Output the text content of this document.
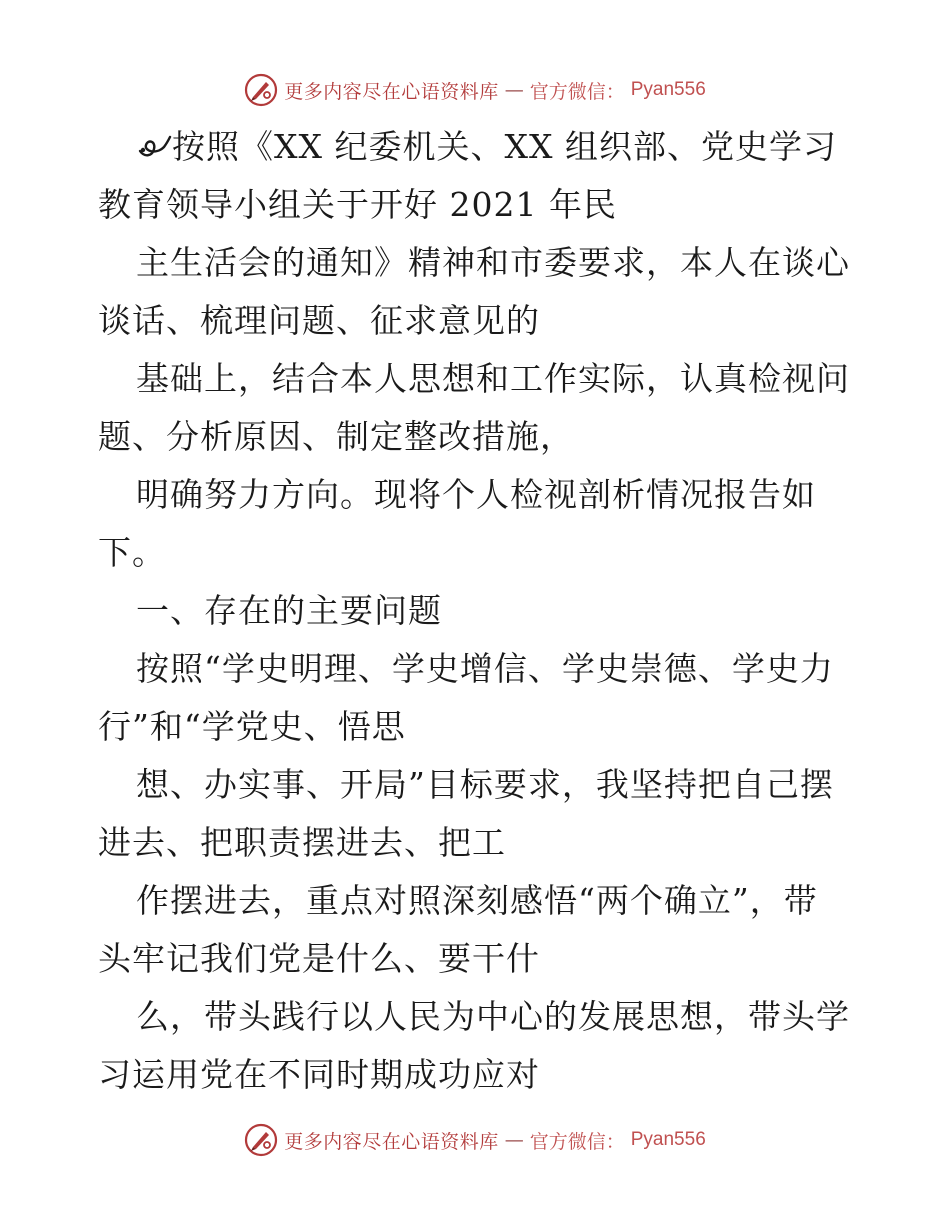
更多内容尽在心语资料库 — 官方微信： Pyan556
按照《XX 纪委机关、XX 组织部、党史学习
教育领导小组关于开好 2021 年民
主生活会的通知》精神和市委要求，本人在谈心
谈话、梳理问题、征求意见的
基础上，结合本人思想和工作实际，认真检视问
题、分析原因、制定整改措施，
明确努力方向。现将个人检视剖析情况报告如
下。
一、存在的主要问题
按照“学史明理、学史增信、学史崇德、学史力
行”和“学党史、悟思
想、办实事、开局”目标要求，我坚持把自己摆
进去、把职责摆进去、把工
作摆进去，重点对照深刻感悟“两个确立”，带
头牢记我们党是什么、要干什
么，带头践行以人民为中心的发展思想，带头学
习运用党在不同时期成功应对
更多内容尽在心语资料库 — 官方微信： Pyan556
